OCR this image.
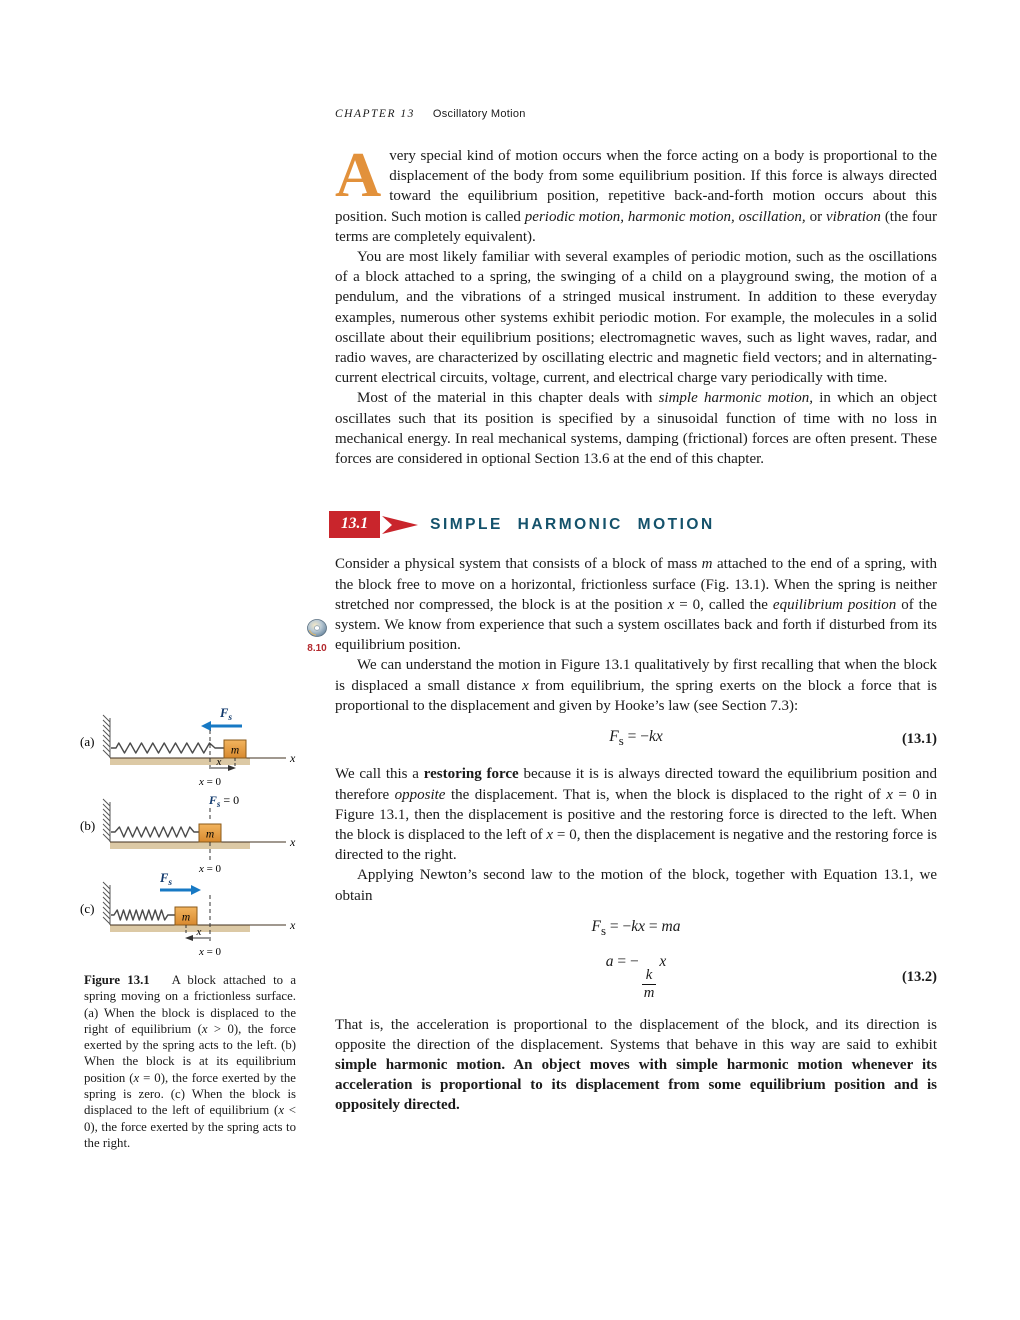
CHAPTER 13 Oscillatory Motion
8.10

Avery special kind of motion occurs when the force acting on a body is proportional to the displacement of the body from some equilibrium position. If this force is always directed toward the equilibrium position, repetitive back-and-forth motion occurs about this position. Such motion is called periodic motion, harmonic motion, oscillation, or vibration (the four terms are completely equivalent).

You are most likely familiar with several examples of periodic motion, such as the oscillations of a block attached to a spring, the swinging of a child on a playground swing, the motion of a pendulum, and the vibrations of a stringed musical instrument. In addition to these everyday examples, numerous other systems exhibit periodic motion. For example, the molecules in a solid oscillate about their equilibrium positions; electromagnetic waves, such as light waves, radar, and radio waves, are characterized by oscillating electric and magnetic field vectors; and in alternating-current electrical circuits, voltage, current, and electrical charge vary periodically with time.

Most of the material in this chapter deals with simple harmonic motion, in which an object oscillates such that its position is specified by a sinusoidal function of time with no loss in mechanical energy. In real mechanical systems, damping (frictional) forces are often present. These forces are considered in optional Section 13.6 at the end of this chapter.

13.1	SIMPLE HARMONIC MOTION

Consider a physical system that consists of a block of mass m attached to the end of a spring, with the block free to move on a horizontal, frictionless surface (Fig. 13.1). When the spring is neither stretched nor compressed, the block is at the position x = 0, called the equilibrium position of the system. We know from experience that such a system oscillates back and forth if disturbed from its equilibrium position.

We can understand the motion in Figure 13.1 qualitatively by first recalling that when the block is displaced a small distance x from equilibrium, the spring exerts on the block a force that is proportional to the displacement and given by Hooke’s law (see Section 7.3):

$F_s = -kx$	(13.1)

We call this a restoring force because it is is always directed toward the equilibrium position and therefore opposite the displacement. That is, when the block is displaced to the right of x = 0 in Figure 13.1, then the displacement is positive and the restoring force is directed to the left. When the block is displaced to the left of x = 0, then the displacement is negative and the restoring force is directed to the right.

Applying Newton’s second law to the motion of the block, together with Equation 13.1, we obtain

$F_s = -kx$ = ma
a = −
$\frac{k}{m}$
x
(13.2)

That is, the acceleration is proportional to the displacement of the block, and its direction is opposite the direction of the displacement. Systems that behave in this way are said to exhibit simple harmonic motion. An object moves with simple harmonic motion whenever its acceleration is proportional to its displacement from some equilibrium position and is oppositely directed.

(a)
x
m
$F_s$
x
x = 0
(b)
x
m
$F_s = 0$
x = 0
(c)
x
m
$F_s$
x
x = 0
Figure 13.1   A block attached to a spring moving on a frictionless surface. (a) When the block is displaced to the right of equilibrium (x > 0), the force exerted by the spring acts to the left. (b) When the block is at its equilibrium position (x = 0), the force exerted by the spring is zero. (c) When the block is displaced to the left of equilibrium (x < 0), the force exerted by the spring acts to the right.
